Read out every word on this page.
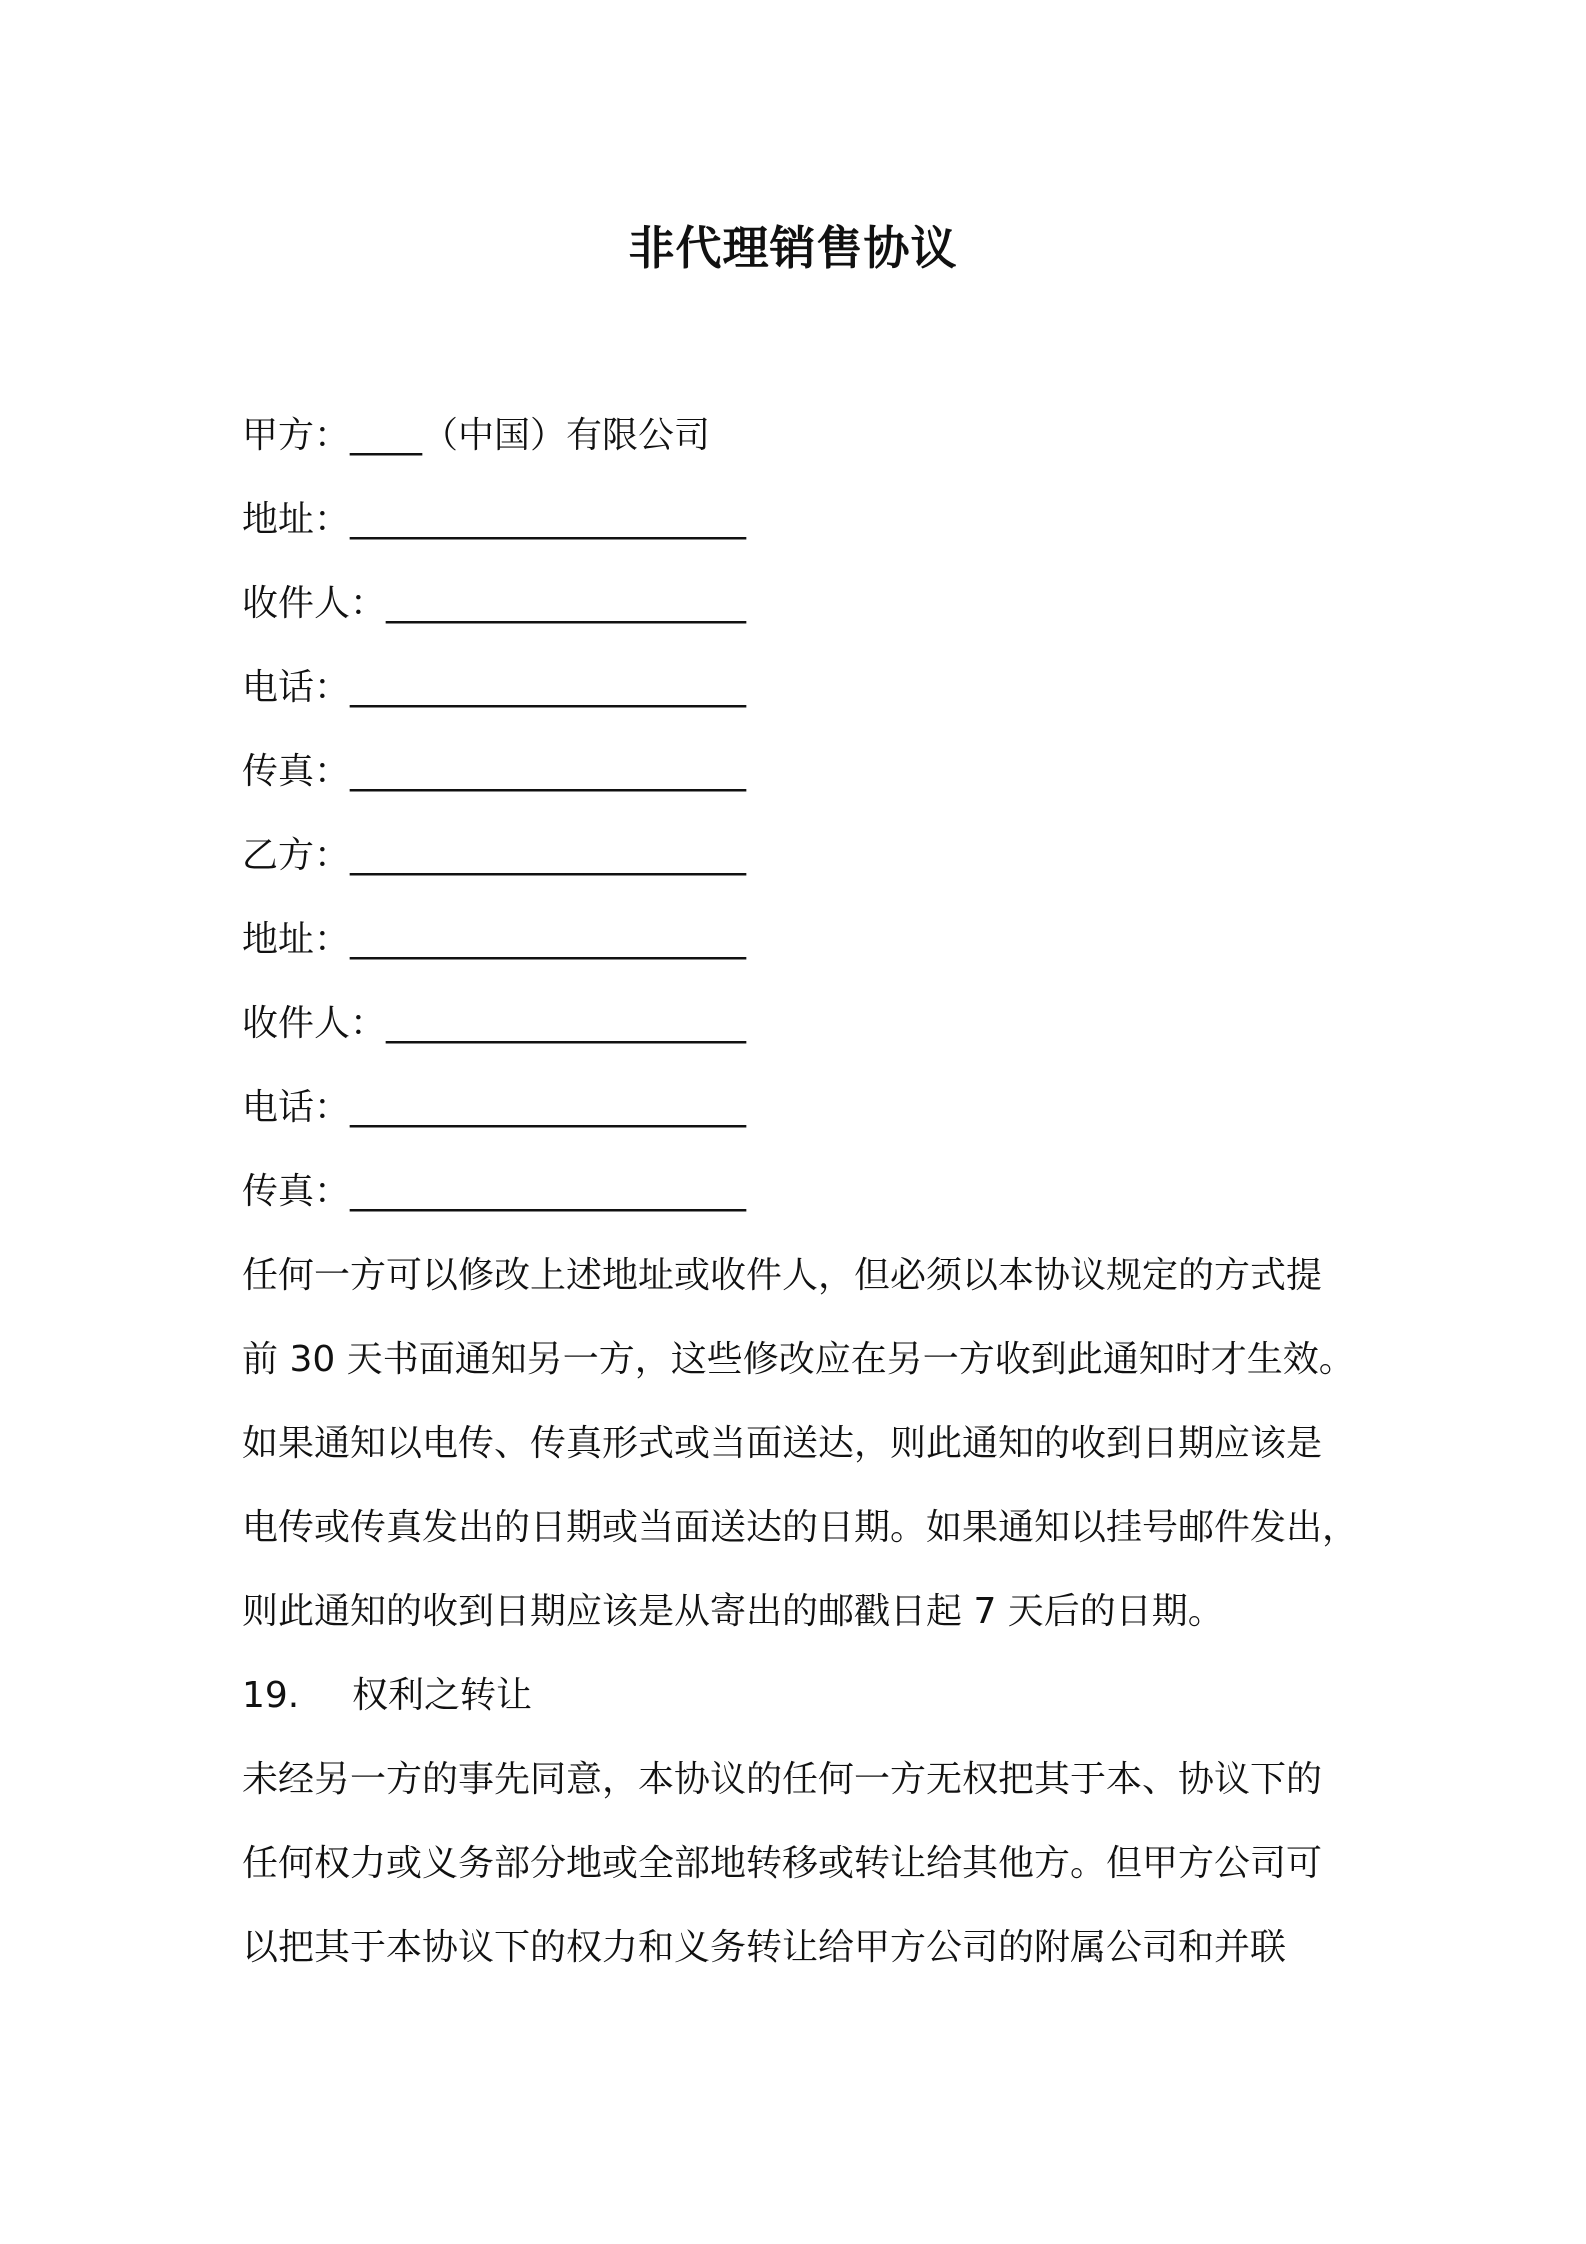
非代理销售协议

甲方：____（中国）有限公司

地址：______________________

收件人：____________________

电话：______________________

传真：______________________

乙方：______________________

地址：______________________

收件人：____________________

电话：______________________

传真：______________________

任何一方可以修改上述地址或收件人，但必须以本协议规定的方式提

前 30 天书面通知另一方，这些修改应在另一方收到此通知时才生效。

如果通知以电传、传真形式或当面送达，则此通知的收到日期应该是

电传或传真发出的日期或当面送达的日期。如果通知以挂号邮件发出，

则此通知的收到日期应该是从寄出的邮戳日起 7 天后的日期。

19. 权利之转让

未经另一方的事先同意，本协议的任何一方无权把其于本、协议下的

任何权力或义务部分地或全部地转移或转让给其他方。但甲方公司可

以把其于本协议下的权力和义务转让给甲方公司的附属公司和并联
